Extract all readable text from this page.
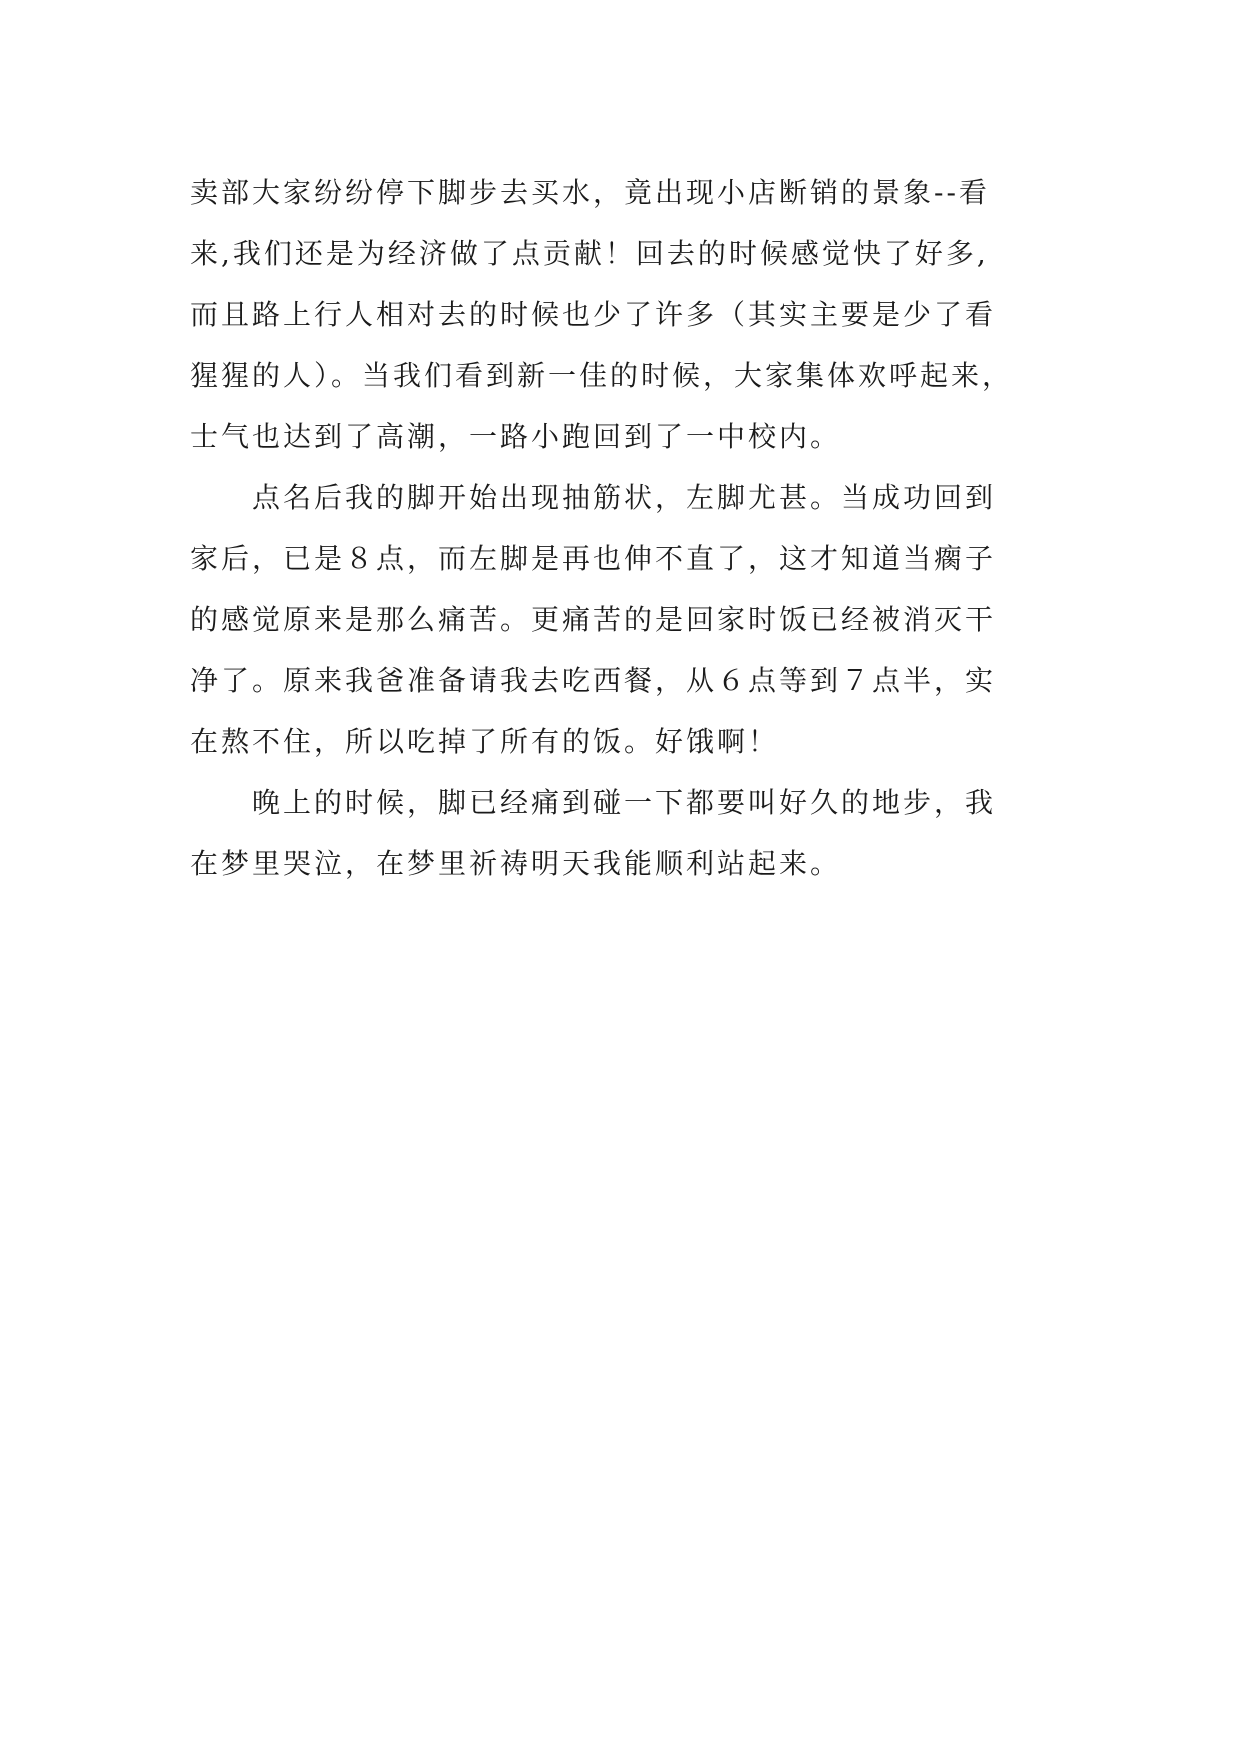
卖部大家纷纷停下脚步去买水，竟出现小店断销的景象--看
来,我们还是为经济做了点贡献！回去的时候感觉快了好多,
而且路上行人相对去的时候也少了许多（其实主要是少了看
猩猩的人）。当我们看到新一佳的时候，大家集体欢呼起来，
士气也达到了高潮，一路小跑回到了一中校内。
　　点名后我的脚开始出现抽筋状，左脚尤甚。当成功回到
家后，已是８点，而左脚是再也伸不直了，这才知道当瘸子
的感觉原来是那么痛苦。更痛苦的是回家时饭已经被消灭干
净了。原来我爸准备请我去吃西餐，从６点等到７点半，实
在熬不住，所以吃掉了所有的饭。好饿啊！
　　晚上的时候，脚已经痛到碰一下都要叫好久的地步，我
在梦里哭泣，在梦里祈祷明天我能顺利站起来。
